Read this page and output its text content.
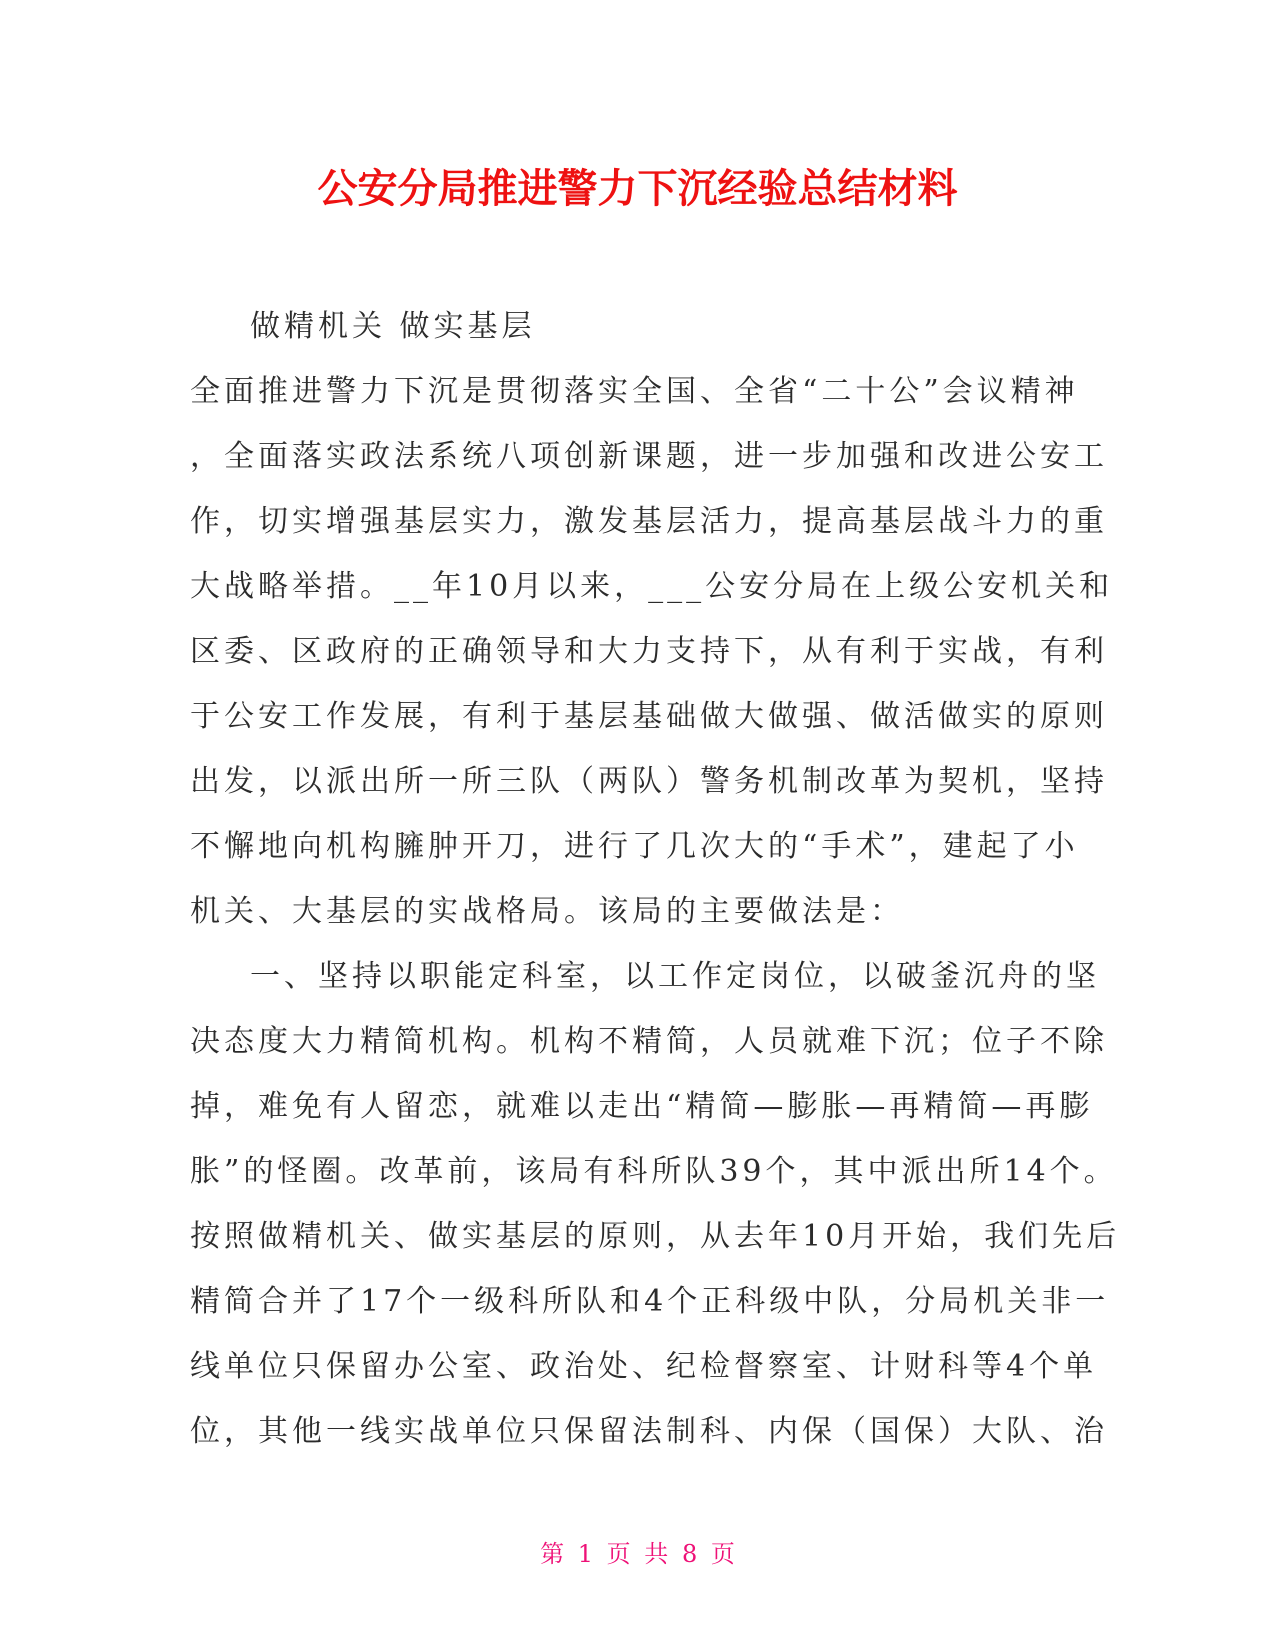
公安分局推进警力下沉经验总结材料
做精机关 做实基层
全面推进警力下沉是贯彻落实全国、全省“二十公”会议精神
，全面落实政法系统八项创新课题，进一步加强和改进公安工
作，切实增强基层实力，激发基层活力，提高基层战斗力的重
大战略举措。__年10月以来，___公安分局在上级公安机关和
区委、区政府的正确领导和大力支持下，从有利于实战，有利
于公安工作发展，有利于基层基础做大做强、做活做实的原则
出发，以派出所一所三队（两队）警务机制改革为契机，坚持
不懈地向机构臃肿开刀，进行了几次大的“手术”，建起了小
机关、大基层的实战格局。该局的主要做法是：
一、坚持以职能定科室，以工作定岗位，以破釜沉舟的坚
决态度大力精简机构。机构不精简，人员就难下沉；位子不除
掉，难免有人留恋，就难以走出“精简—膨胀—再精简—再膨
胀”的怪圈。改革前，该局有科所队39个，其中派出所14个。
按照做精机关、做实基层的原则，从去年10月开始，我们先后
精简合并了17个一级科所队和4个正科级中队，分局机关非一
线单位只保留办公室、政治处、纪检督察室、计财科等4个单
位，其他一线实战单位只保留法制科、内保（国保）大队、治
第 1 页 共 8 页
